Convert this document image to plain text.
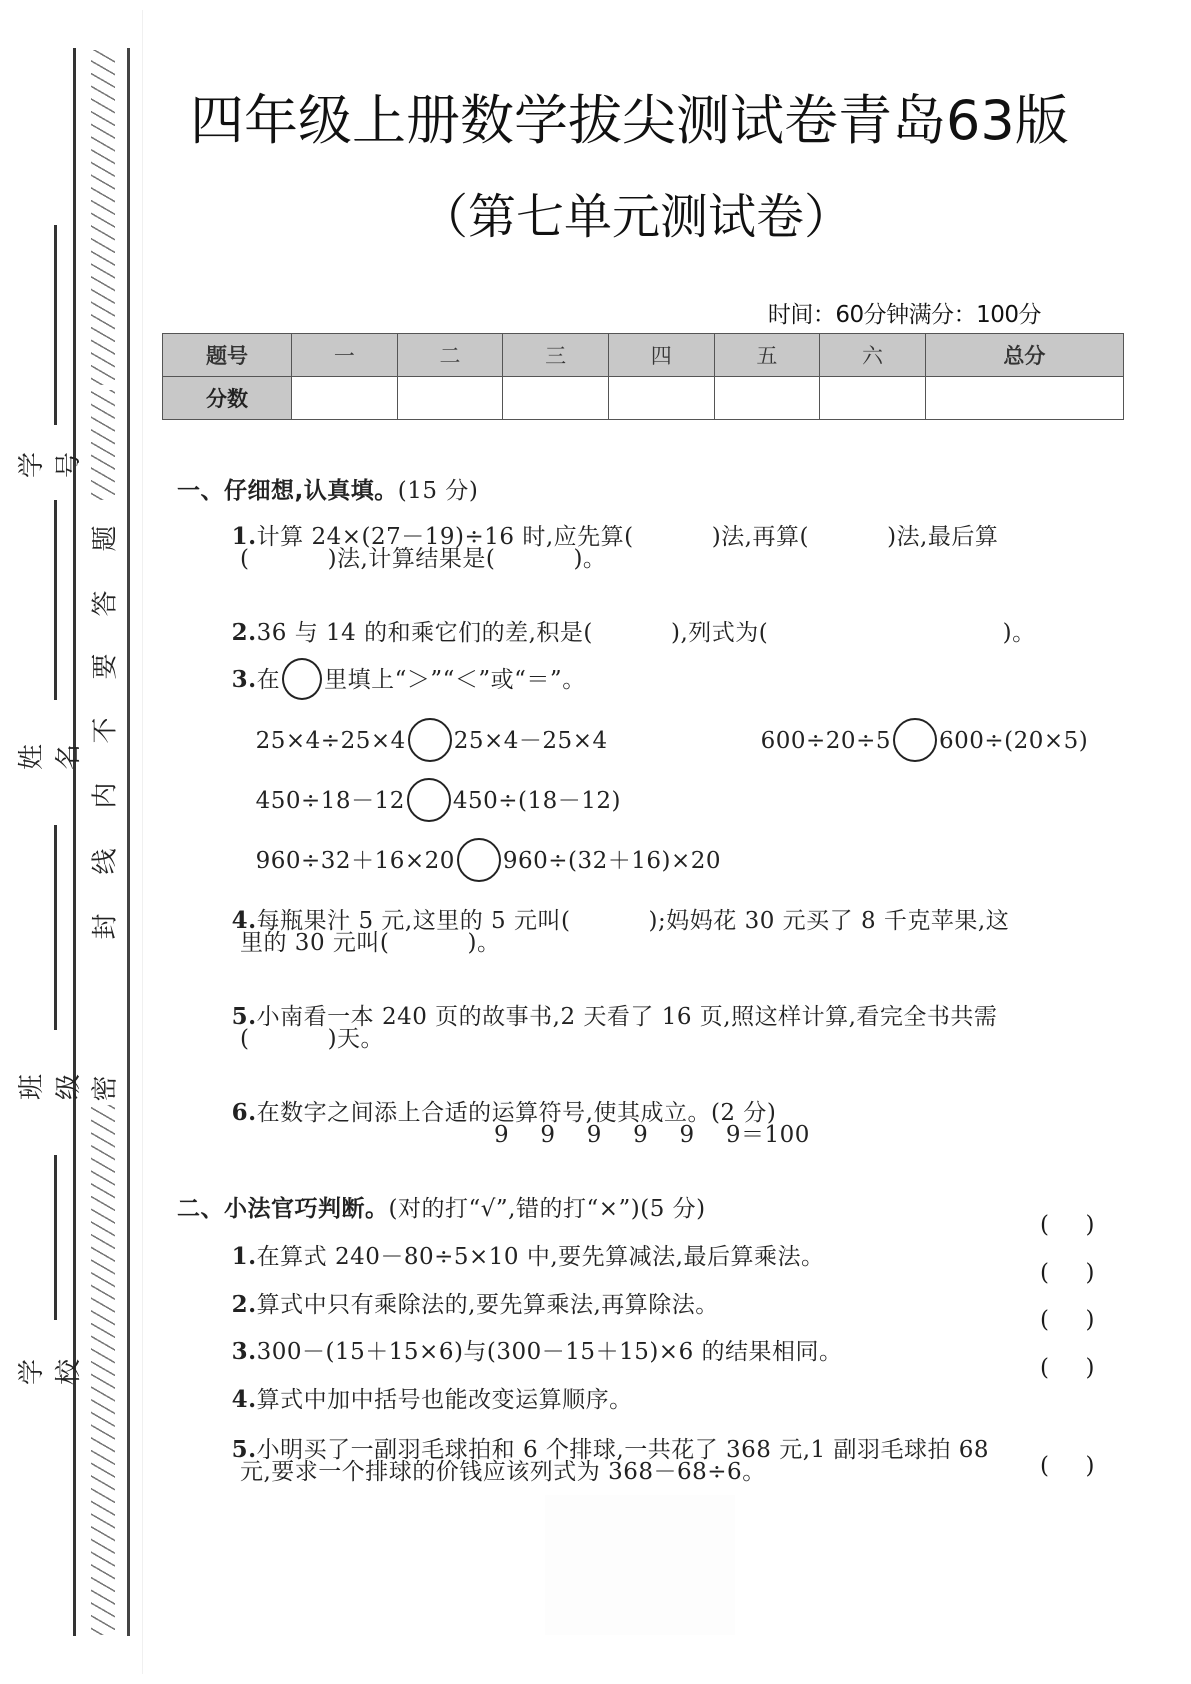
题
答
要
不
内
线
封
密
学号
姓名
班级
学校
四年级上册数学拔尖测试卷青岛63版
（第七单元测试卷）
时间：60分钟满分：100分
题号	一	二	三	四	五	六	总分
分数							

一、仔细想,认真填。(15 分)

1.计算 24×(27－19)÷16 时,应先算(          )法,再算(          )法,最后算

(          )法,计算结果是(          )。

2.36 与 14 的和乘它们的差,积是(          ),列式为(                              )。

3.在 里填上“＞”“＜”或“＝”。

25×4÷25×4 25×4－25×4	600÷20÷5 600÷(20×5)

450÷18－12 450÷(18－12)

960÷32＋16×20 960÷(32＋16)×20

4.每瓶果汁 5 元,这里的 5 元叫(          );妈妈花 30 元买了 8 千克苹果,这

里的 30 元叫(          )。

5.小南看一本 240 页的故事书,2 天看了 16 页,照这样计算,看完全书共需

(          )天。

6.在数字之间添上合适的运算符号,使其成立。(2 分)

9    9    9    9    9    9＝100

二、小法官巧判断。(对的打“√”,错的打“×”)(5 分)

1.在算式 240－80÷5×10 中,要先算减法,最后算乘法。

(     )

2.算式中只有乘除法的,要先算乘法,再算除法。

(     )

3.300－(15＋15×6)与(300－15＋15)×6 的结果相同。

(     )

4.算式中加中括号也能改变运算顺序。

(     )

5.小明买了一副羽毛球拍和 6 个排球,一共花了 368 元,1 副羽毛球拍 68

元,要求一个排球的价钱应该列式为 368－68÷6。	(     )
